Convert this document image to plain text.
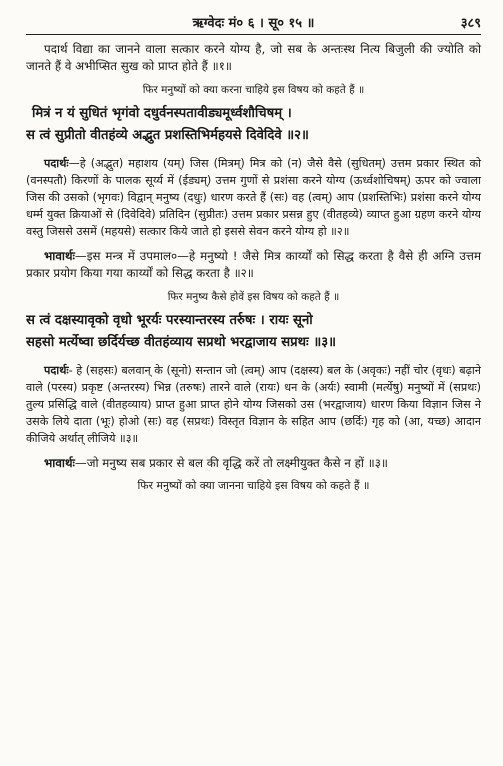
ऋग्वेदः मं० ६ । सू० १५ ॥	३८९

पदार्थ विद्या का जानने वाला सत्कार करने योग्य है, जो सब के अन्तःस्थ नित्य बिजुली की ज्योति को जानते हैं वे अभीप्सित सुख को प्राप्त होते हैं ॥१॥

फिर मनुष्यों को क्या करना चाहिये इस विषय को कहते हैं ॥

मित्रं न यं सुधितं भृगंवो दधुर्वनस्पतावीड्यमूर्ध्वशौचिषम् ।
स त्वं सुप्रीतो वीतहंव्ये अद्भुत प्रशस्तिभिर्महयसे दिवेदिवे ॥२॥

पदार्थः—हे (अद्भुत) महाशय (यम्) जिस (मित्रम्) मित्र को (न) जैसे वैसे (सुधितम्) उत्तम प्रकार स्थित को (वनस्पतौ) किरणों के पालक सूर्य्य में (ईड्यम्) उत्तम गुणों से प्रशंसा करने योग्य (ऊर्ध्वशोचिषम्) ऊपर को ज्वाला जिस की उसको (भृगवः) विद्वान् मनुष्य (दधुः) धारण करते हैं (सः) वह (त्वम्) आप (प्रशस्तिभिः) प्रशंसा करने योग्य धर्म्म युक्त क्रियाओं से (दिवेदिवे) प्रतिदिन (सुप्रीतः) उत्तम प्रकार प्रसन्न हुए (वीतहव्ये) व्याप्त हुआ ग्रहण करने योग्य वस्तु जिससे उसमें (महयसे) सत्कार किये जाते हो इससे सेवन करने योग्य हो ॥२॥

भावार्थः—इस मन्त्र में उपमाल०—हे मनुष्यो ! जैसे मित्र कार्य्यों को सिद्ध करता है वैसे ही अग्नि उत्तम प्रकार प्रयोग किया गया कार्य्यों को सिद्ध करता है ॥२॥

फिर मनुष्य कैसे होवें इस विषय को कहते हैं ॥

स त्वं दक्षस्यावृको वृधो भूरर्यः परस्यान्तरस्य तर्रुषः । रायः सूनो
सहसो मर्त्येष्वा छर्दिर्यच्छ वीतहंव्याय सप्रथो भरद्वाजाय सप्रथः ॥३॥

पदार्थः- हे (सहसः) बलवान् के (सूनो) सन्तान जो (त्वम्) आप (दक्षस्य) बल के (अवृकः) नहीं चोर (वृधः) बढ़ाने वाले (परस्य) प्रकृष्ट (अन्तरस्य) भिन्न (तरुषः) तारने वाले (रायः) धन के (अर्यः) स्वामी (मर्त्येषु) मनुष्यों में (सप्रथः) तुल्य प्रसिद्धि वाले (वीतहव्याय) प्राप्त हुआ प्राप्त होने योग्य जिसको उस (भरद्वाजाय) धारण किया विज्ञान जिस ने उसके लिये दाता (भूः) होओ (सः) वह (सप्रथः) विस्तृत विज्ञान के सहित आप (छर्दिः) गृह को (आ, यच्छ) आदान कीजिये अर्थात् लीजिये ॥३॥

भावार्थः—जो मनुष्य सब प्रकार से बल की वृद्धि करें तो लक्ष्मीयुक्त कैसे न हों ॥३॥

फिर मनुष्यों को क्या जानना चाहिये इस विषय को कहते हैं ॥
